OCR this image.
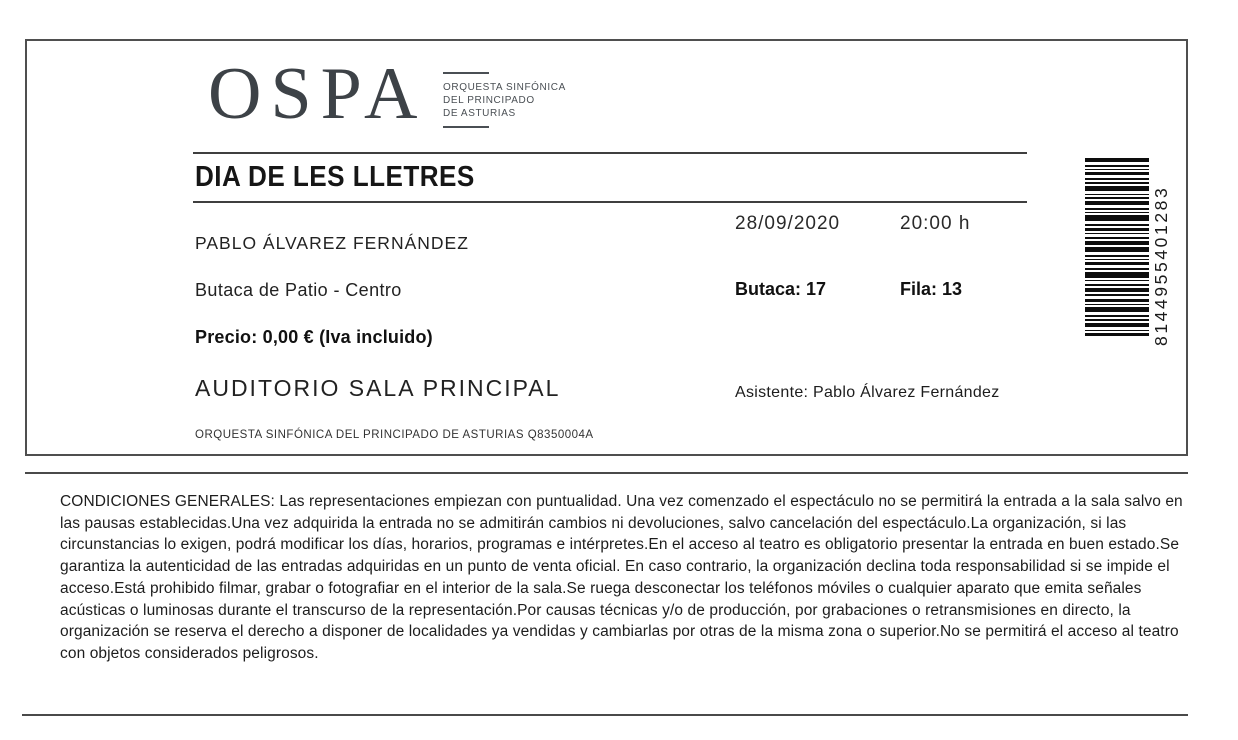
OSPA ORQUESTA SINFÓNICA
DEL PRINCIPADO
DE ASTURIAS
DIA DE LES LLETRES
PABLO ÁLVAREZ FERNÁNDEZ
28/09/2020	20:00 h
Butaca de Patio - Centro	Butaca: 17	Fila: 13
Precio: 0,00 € (Iva incluido)
AUDITORIO SALA PRINCIPAL	Asistente: Pablo Álvarez Fernández
ORQUESTA SINFÓNICA DEL PRINCIPADO DE ASTURIAS Q8350004A
8144955401283
CONDICIONES GENERALES: Las representaciones empiezan con puntualidad. Una vez comenzado el espectáculo no se permitirá la entrada a la sala salvo en las pausas establecidas.Una vez adquirida la entrada no se admitirán cambios ni devoluciones, salvo cancelación del espectáculo.La organización, si las circunstancias lo exigen, podrá modificar los días, horarios, programas e intérpretes.En el acceso al teatro es obligatorio presentar la entrada en buen estado.Se garantiza la autenticidad de las entradas adquiridas en un punto de venta oficial. En caso contrario, la organización declina toda responsabilidad si se impide el acceso.Está prohibido filmar, grabar o fotografiar en el interior de la sala.Se ruega desconectar los teléfonos móviles o cualquier aparato que emita señales acústicas o luminosas durante el transcurso de la representación.Por causas técnicas y/o de producción, por grabaciones o retransmisiones en directo, la organización se reserva el derecho a disponer de localidades ya vendidas y cambiarlas por otras de la misma zona o superior.No se permitirá el acceso al teatro con objetos considerados peligrosos.
